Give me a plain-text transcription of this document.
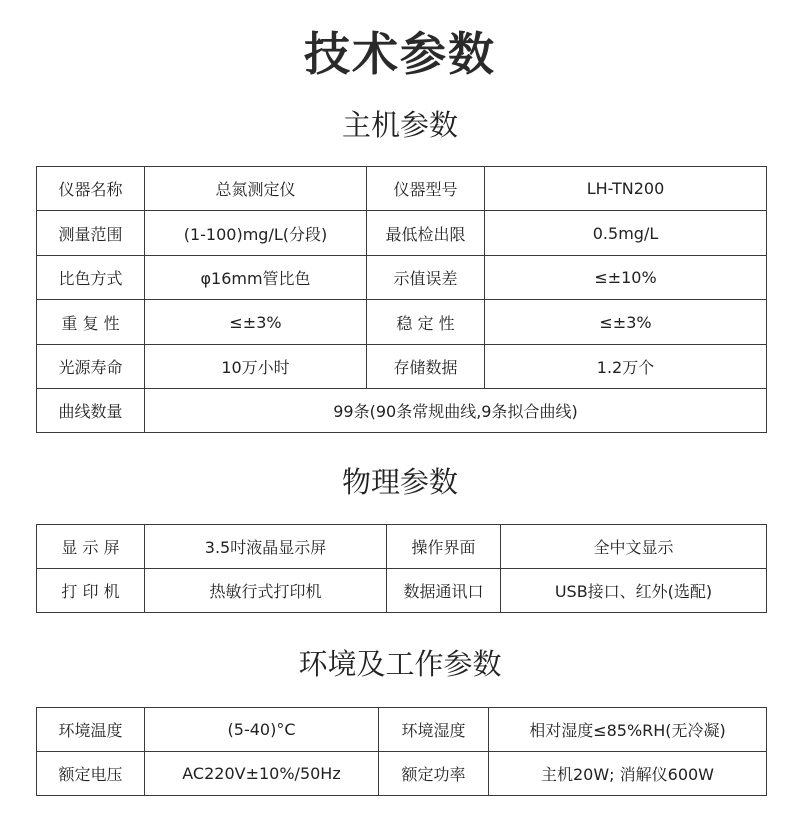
技术参数
主机参数
仪器名称	总氮测定仪	仪器型号	LH-TN200
测量范围	(1-100)mg/L(分段)	最低检出限	0.5mg/L
比色方式	φ16mm管比色	示值误差	≤±10%
重 复 性	≤±3%	稳 定 性	≤±3%
光源寿命	10万小时	存储数据	1.2万个
曲线数量	99条(90条常规曲线,9条拟合曲线)		
物理参数
显 示 屏	3.5吋液晶显示屏	操作界面	全中文显示
打 印 机	热敏行式打印机	数据通讯口	USB接口、红外(选配)
环境及工作参数
环境温度	(5-40)°C	环境湿度	相对湿度≤85%RH(无冷凝)
额定电压	AC220V±10%/50Hz	额定功率	主机20W; 消解仪600W
